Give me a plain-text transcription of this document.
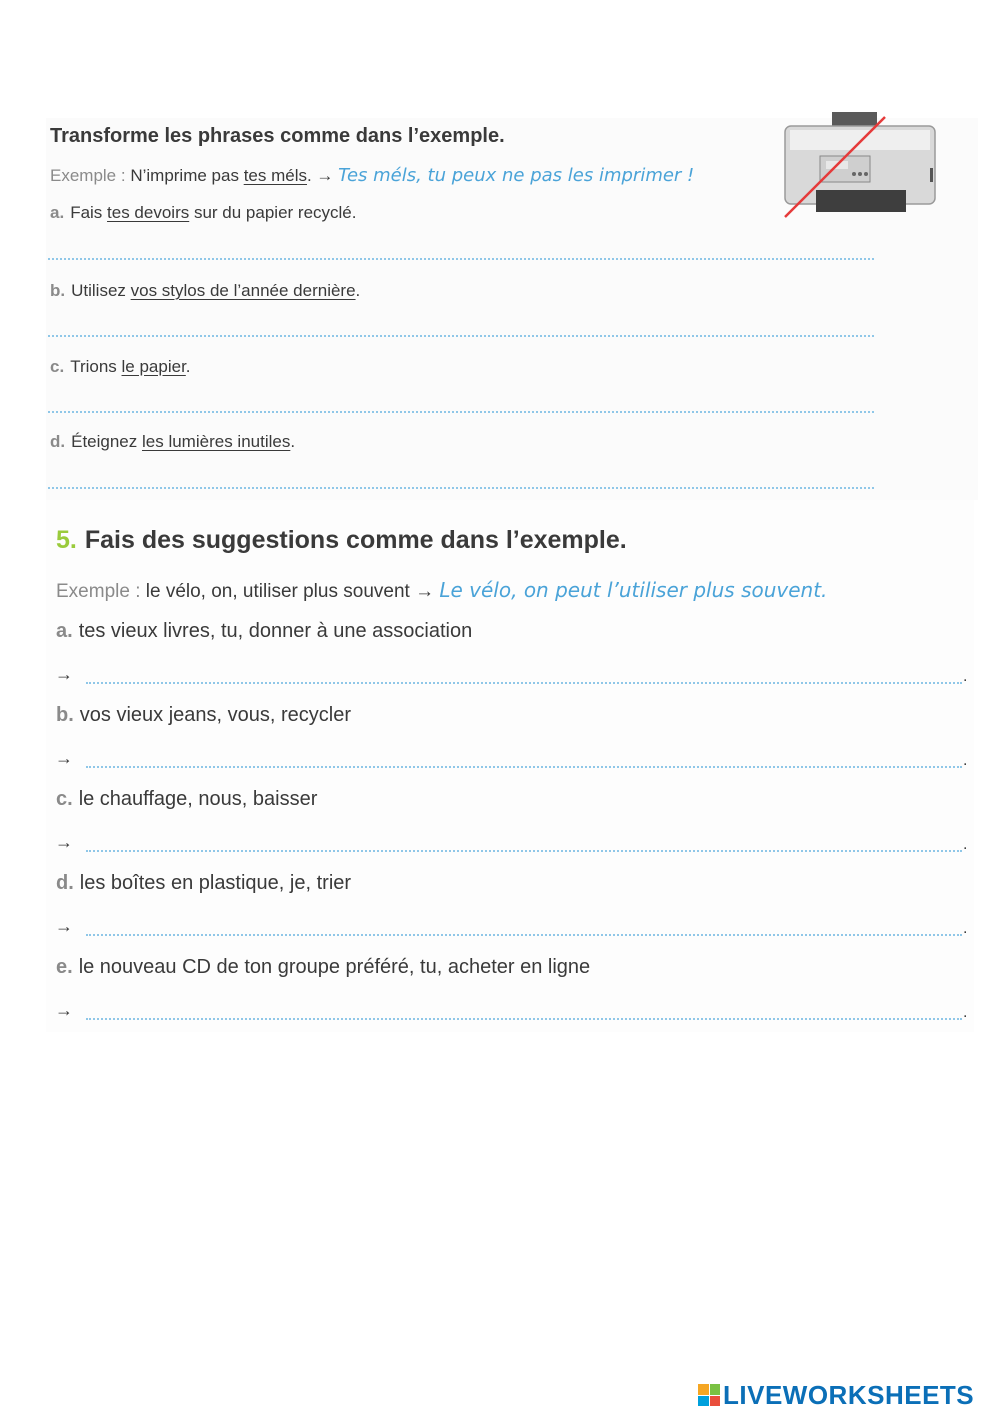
Transforme les phrases comme dans l’exemple.
Exemple : N’imprime pas tes méls. → Tes méls, tu peux ne pas les imprimer !
a. Fais tes devoirs sur du papier recyclé.
b. Utilisez vos stylos de l’année dernière.
c. Trions le papier.
d. Éteignez les lumières inutiles.
5. Fais des suggestions comme dans l’exemple.
Exemple : le vélo, on, utiliser plus souvent → Le vélo, on peut l’utiliser plus souvent.
a. tes vieux livres, tu, donner à une association
→	.
b. vos vieux jeans, vous, recycler
→	.
c. le chauffage, nous, baisser
→	.
d. les boîtes en plastique, je, trier
→	.
e. le nouveau CD de ton groupe préféré, tu, acheter en ligne
→	.
LIVEWORKSHEETS
